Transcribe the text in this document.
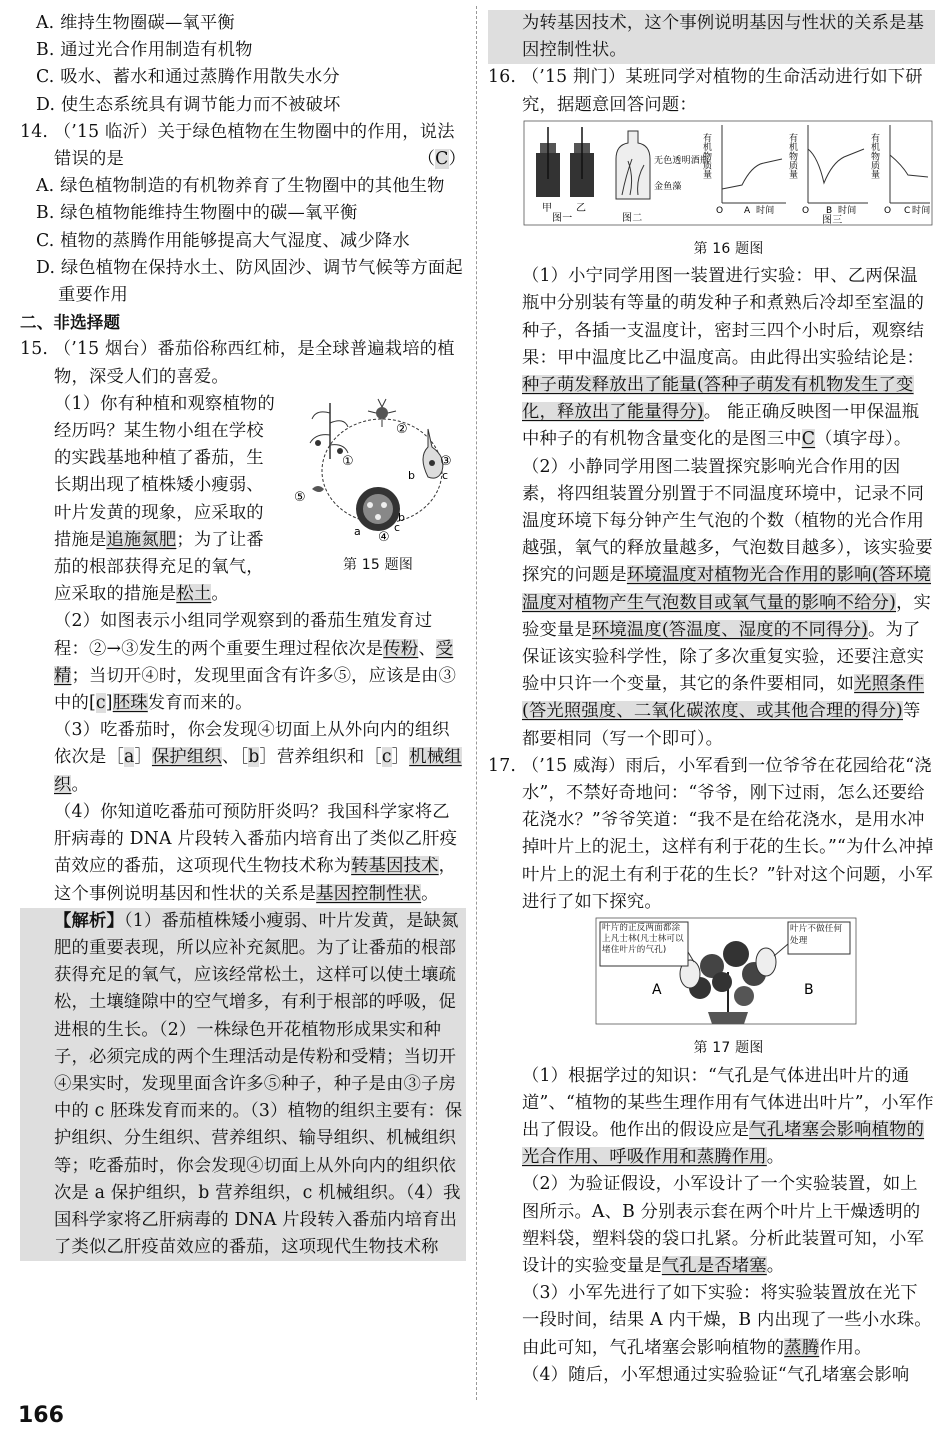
A. 维持生物圈碳—氧平衡

B. 通过光合作用制造有机物

C. 吸水、蓄水和通过蒸腾作用散失水分

D. 使生态系统具有调节能力而不被破坏

14. （’15 临沂）关于绿色植物在生物圈中的作用，说法错误的是	（C）

A. 绿色植物制造的有机物养育了生物圈中的其他生物

B. 绿色植物能维持生物圈中的碳—氧平衡

C. 植物的蒸腾作用能够提高大气湿度、减少降水

D. 绿色植物在保持水土、防风固沙、调节气候等方面起重要作用

二、非选择题

15. （’15 烟台）番茄俗称西红柿，是全球普遍栽培的植物，深受人们的喜爱。

①
②
③
b c
a	c
b
④
⑤
第 15 题图
（1）你有种植和观察植物的经历吗？某生物小组在学校的实践基地种植了番茄，生长期出现了植株矮小瘦弱、叶片发黄的现象，应采取的措施是追施氮肥；为了让番茄的根部获得充足的氧气，应采取的措施是松土。

（2）如图表示小组同学观察到的番茄生殖发育过程：②→③发生的两个重要生理过程依次是传粉、受精；当切开④时，发现里面含有许多⑤，应该是由③中的[c]胚珠发育而来的。

（3）吃番茄时，你会发现④切面上从外向内的组织依次是［a］保护组织、［b］营养组织和［c］机械组织。

（4）你知道吃番茄可预防肝炎吗？我国科学家将乙肝病毒的 DNA 片段转入番茄内培育出了类似乙肝疫苗效应的番茄，这项现代生物技术称为转基因技术，这个事例说明基因和性状的关系是基因控制性状。

【解析】（1）番茄植株矮小瘦弱、叶片发黄，是缺氮肥的重要表现，所以应补充氮肥。为了让番茄的根部获得充足的氧气，应该经常松土，这样可以使土壤疏松，土壤缝隙中的空气增多，有利于根部的呼吸，促进根的生长。（2）一株绿色开花植物形成果实和种子，必须完成的两个生理活动是传粉和受精；当切开④果实时，发现里面含许多⑤种子，种子是由③子房中的 c 胚珠发育而来的。（3）植物的组织主要有：保护组织、分生组织、营养组织、输导组织、机械组织等；吃番茄时，你会发现④切面上从外向内的组织依次是 a 保护组织，b 营养组织，c 机械组织。（4）我国科学家将乙肝病毒的 DNA 片段转入番茄内培育出了类似乙肝疫苗效应的番茄，这项现代生物技术称

为转基因技术，这个事例说明基因与性状的关系是基因控制性状。

16. （’15 荆门）某班同学对植物的生命活动进行如下研究，据题意回答问题：

甲 乙
图一
无色透明酒瓶
金鱼藻
图二
有机物质量
O A 时间
有机物质量
O B 时间
有机物质量
O C 时间
图三
第 16 题图

（1）小宁同学用图一装置进行实验：甲、乙两保温瓶中分别装有等量的萌发种子和煮熟后冷却至室温的种子，各插一支温度计，密封三四个小时后，观察结果：甲中温度比乙中温度高。由此得出实验结论是：种子萌发释放出了能量(答种子萌发有机物发生了变化，释放出了能量得分)。 能正确反映图一甲保温瓶中种子的有机物含量变化的是图三中C（填字母）。

（2）小静同学用图二装置探究影响光合作用的因素，将四组装置分别置于不同温度环境中，记录不同温度环境下每分钟产生气泡的个数（植物的光合作用越强，氧气的释放量越多，气泡数目越多），该实验要探究的问题是环境温度对植物光合作用的影响(答环境温度对植物产生气泡数目或氧气量的影响不给分)，实验变量是环境温度(答温度、湿度的不同得分)。为了保证该实验科学性，除了多次重复实验，还要注意实验中只许一个变量，其它的条件要相同，如光照条件(答光照强度、二氧化碳浓度、或其他合理的得分)等都要相同（写一个即可）。

17. （’15 威海）雨后，小军看到一位爷爷在花园给花“浇水”，不禁好奇地问：“爷爷，刚下过雨，怎么还要给花浇水？”爷爷笑道：“我不是在给花浇水，是用水冲掉叶片上的泥土，这样有利于花的生长。”“为什么冲掉叶片上的泥土有利于花的生长？”针对这个问题，小军进行了如下探究。

叶片的正反两面都涂上凡士林(凡士林可以堵住叶片的气孔)
叶片不做任何处理
A	B
第 17 题图

（1）根据学过的知识：“气孔是气体进出叶片的通道”、“植物的某些生理作用有气体进出叶片”，小军作出了假设。他作出的假设应是气孔堵塞会影响植物的光合作用、呼吸作用和蒸腾作用。

（2）为验证假设，小军设计了一个实验装置，如上图所示。A、B 分别表示套在两个叶片上干燥透明的塑料袋，塑料袋的袋口扎紧。分析此装置可知，小军设计的实验变量是气孔是否堵塞。

（3）小军先进行了如下实验：将实验装置放在光下一段时间，结果 A 内干燥，B 内出现了一些小水珠。由此可知，气孔堵塞会影响植物的蒸腾作用。

（4）随后，小军想通过实验验证“气孔堵塞会影响

166
